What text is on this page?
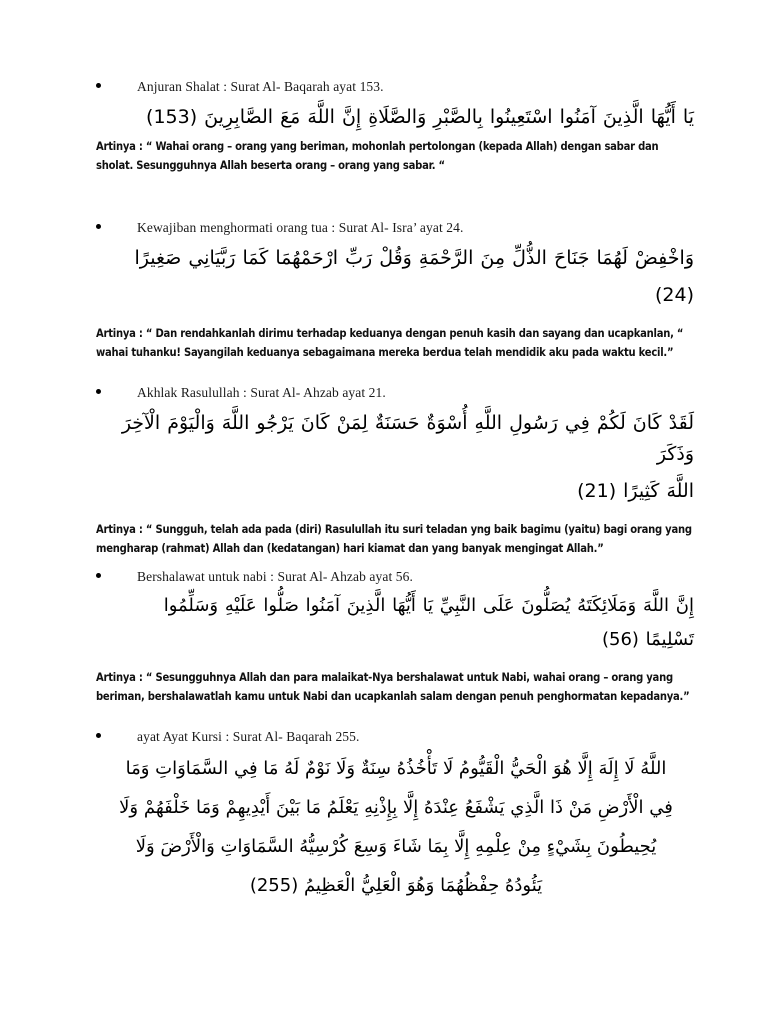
Anjuran Shalat : Surat Al- Baqarah ayat 153.
يَا أَيُّهَا الَّذِينَ آمَنُوا اسْتَعِينُوا بِالصَّبْرِ وَالصَّلَاةِ إِنَّ اللَّهَ مَعَ الصَّابِرِينَ (153)
Artinya : “ Wahai orang – orang yang beriman, mohonlah pertolongan (kepada Allah) dengan sabar dan sholat. Sesungguhnya Allah beserta orang – orang yang sabar. “
Kewajiban menghormati orang tua : Surat Al- Isra’ ayat 24.
وَاخْفِضْ لَهُمَا جَنَاحَ الذُّلِّ مِنَ الرَّحْمَةِ وَقُلْ رَبِّ ارْحَمْهُمَا كَمَا رَبَّيَانِي صَغِيرًا
(24)
Artinya : “ Dan rendahkanlah dirimu terhadap keduanya dengan penuh kasih dan sayang dan ucapkanlan, “ wahai tuhanku! Sayangilah keduanya sebagaimana mereka berdua telah mendidik aku pada waktu kecil.”
Akhlak Rasulullah : Surat Al- Ahzab ayat 21.
لَقَدْ كَانَ لَكُمْ فِي رَسُولِ اللَّهِ أُسْوَةٌ حَسَنَةٌ لِمَنْ كَانَ يَرْجُو اللَّهَ وَالْيَوْمَ الْآخِرَ وَذَكَرَ
اللَّهَ كَثِيرًا (21)
Artinya : “ Sungguh, telah ada pada (diri) Rasulullah itu suri teladan yng baik bagimu (yaitu) bagi orang yang mengharap (rahmat) Allah dan (kedatangan) hari kiamat dan yang banyak mengingat Allah.”
Bershalawat untuk nabi : Surat Al- Ahzab ayat 56.
إِنَّ اللَّهَ وَمَلَائِكَتَهُ يُصَلُّونَ عَلَى النَّبِيِّ يَا أَيُّهَا الَّذِينَ آمَنُوا صَلُّوا عَلَيْهِ وَسَلِّمُوا
تَسْلِيمًا (56)
Artinya : “ Sesungguhnya Allah dan para malaikat-Nya bershalawat untuk Nabi, wahai orang – orang yang beriman, bershalawatlah kamu untuk Nabi dan ucapkanlah salam dengan penuh penghormatan kepadanya.”
ayat Ayat Kursi : Surat Al- Baqarah 255.
اللَّهُ لَا إِلَهَ إِلَّا هُوَ الْحَيُّ الْقَيُّومُ لَا تَأْخُذُهُ سِنَةٌ وَلَا نَوْمٌ لَهُ مَا فِي السَّمَاوَاتِ وَمَا
فِي الْأَرْضِ مَنْ ذَا الَّذِي يَشْفَعُ عِنْدَهُ إِلَّا بِإِذْنِهِ يَعْلَمُ مَا بَيْنَ أَيْدِيهِمْ وَمَا خَلْفَهُمْ وَلَا
يُحِيطُونَ بِشَيْءٍ مِنْ عِلْمِهِ إِلَّا بِمَا شَاءَ وَسِعَ كُرْسِيُّهُ السَّمَاوَاتِ وَالْأَرْضَ وَلَا
يَئُودُهُ حِفْظُهُمَا وَهُوَ الْعَلِيُّ الْعَظِيمُ (255)
